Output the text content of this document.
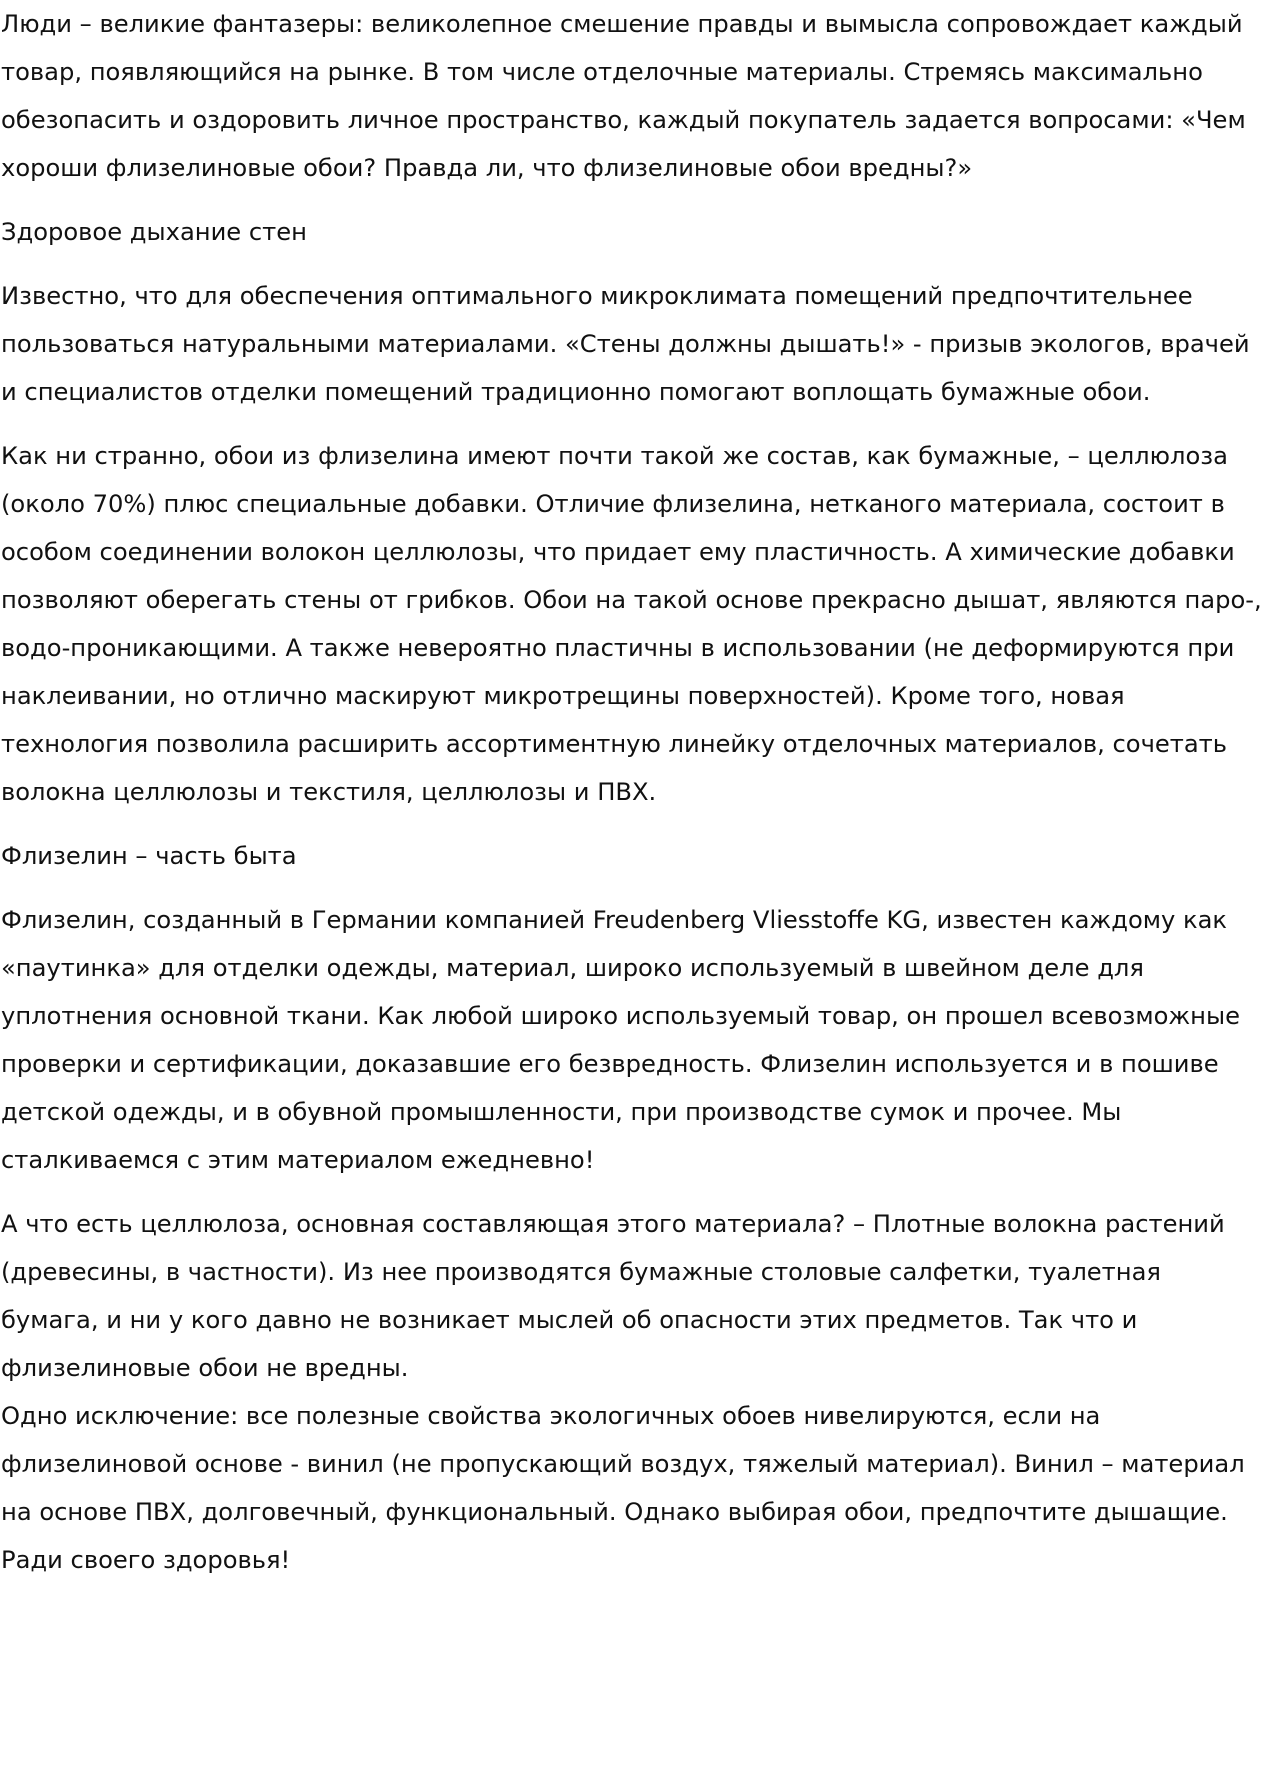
Люди – великие фантазеры: великолепное смешение правды и вымысла сопровождает каждый товар, появляющийся на рынке. В том числе отделочные материалы. Стремясь максимально обезопасить и оздоровить личное пространство, каждый покупатель задается вопросами: «Чем хороши флизелиновые обои? Правда ли, что флизелиновые обои вредны?»

Здоровое дыхание стен

Известно, что для обеспечения оптимального микроклимата помещений предпочтительнее пользоваться натуральными материалами. «Стены должны дышать!» - призыв экологов, врачей и специалистов отделки помещений традиционно помогают воплощать бумажные обои.

Как ни странно, обои из флизелина имеют почти такой же состав, как бумажные, – целлюлоза (около 70%) плюс специальные добавки. Отличие флизелина, нетканого материала, состоит в особом соединении волокон целлюлозы, что придает ему пластичность. А химические добавки позволяют оберегать стены от грибков. Обои на такой основе прекрасно дышат, являются паро-, водо-проникающими. А также невероятно пластичны в использовании (не деформируются при наклеивании, но отлично маскируют микротрещины поверхностей). Кроме того, новая технология позволила расширить ассортиментную линейку отделочных материалов, сочетать волокна целлюлозы и текстиля, целлюлозы и ПВХ.

Флизелин – часть быта

Флизелин, созданный в Германии компанией Freudenberg Vliesstoffe KG, известен каждому как «паутинка» для отделки одежды, материал, широко используемый в швейном деле для уплотнения основной ткани. Как любой широко используемый товар, он прошел всевозможные проверки и сертификации, доказавшие его безвредность. Флизелин используется и в пошиве детской одежды, и в обувной промышленности, при производстве сумок и прочее. Мы сталкиваемся с этим материалом ежедневно!

А что есть целлюлоза, основная составляющая этого материала? – Плотные волокна растений (древесины, в частности). Из нее производятся бумажные столовые салфетки, туалетная бумага, и ни у кого давно не возникает мыслей об опасности этих предметов. Так что и флизелиновые обои не вредны.

Одно исключение: все полезные свойства экологичных обоев нивелируются, если на флизелиновой основе - винил (не пропускающий воздух, тяжелый материал). Винил – материал на основе ПВХ, долговечный, функциональный. Однако выбирая обои, предпочтите дышащие. Ради своего здоровья!
